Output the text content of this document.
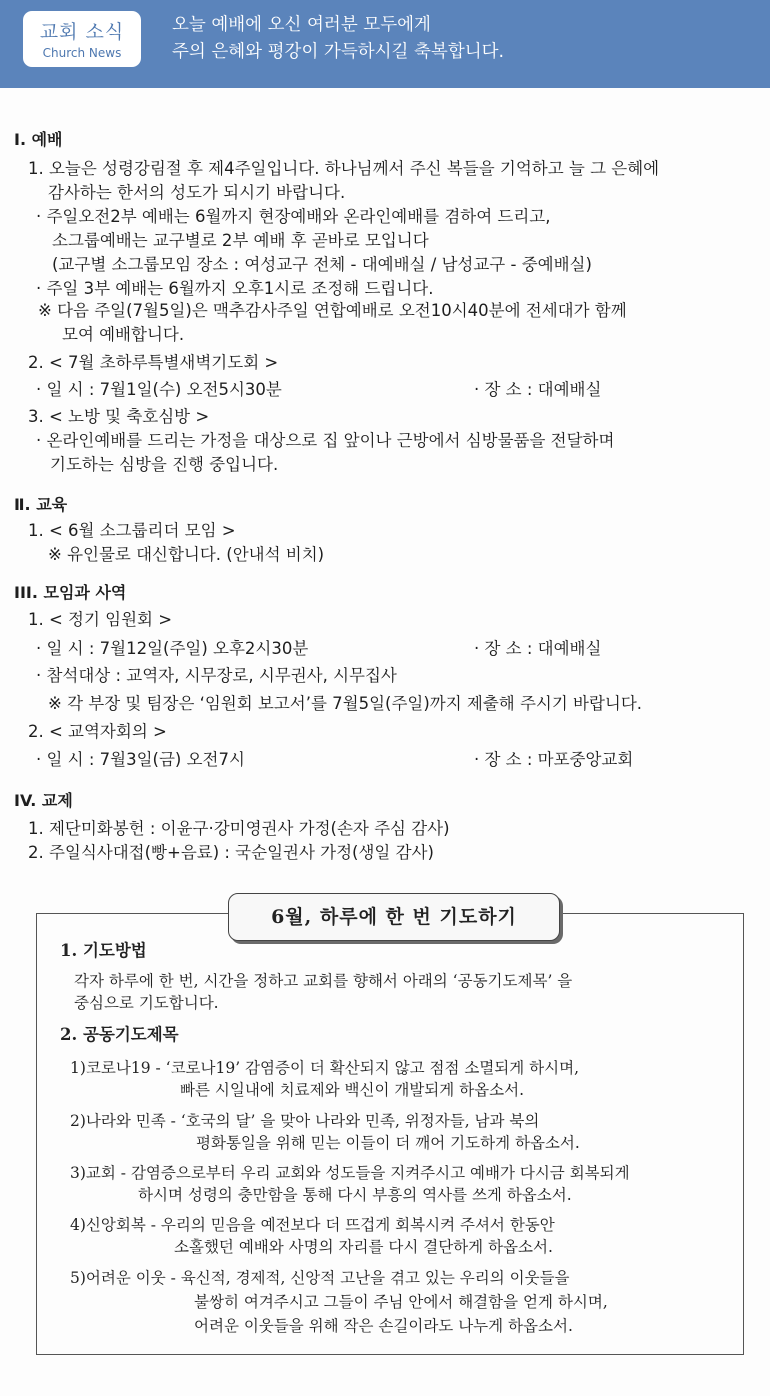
교회 소식
Church News
오늘 예배에 오신 여러분 모두에게
주의 은혜와 평강이 가득하시길 축복합니다.
Ⅰ. 예배
1. 오늘은 성령강림절 후 제4주일입니다. 하나님께서 주신 복들을 기억하고 늘 그 은혜에
감사하는 한서의 성도가 되시기 바랍니다.
· 주일오전2부 예배는 6월까지 현장예배와 온라인예배를 겸하여 드리고,
소그룹예배는 교구별로 2부 예배 후 곧바로 모입니다
(교구별 소그룹모임 장소 : 여성교구 전체 - 대예배실 / 남성교구 - 중예배실)
· 주일 3부 예배는 6월까지 오후1시로 조정해 드립니다.
※ 다음 주일(7월5일)은 맥추감사주일 연합예배로 오전10시40분에 전세대가 함께
모여 예배합니다.
2. < 7월 초하루특별새벽기도회 >
· 일 시 : 7월1일(수) 오전5시30분	· 장 소 : 대예배실
3. < 노방 및 축호심방 >
· 온라인예배를 드리는 가정을 대상으로 집 앞이나 근방에서 심방물품을 전달하며
기도하는 심방을 진행 중입니다.
Ⅱ. 교육
1. < 6월 소그룹리더 모임 >
※ 유인물로 대신합니다. (안내석 비치)
III. 모임과 사역
1. < 정기 임원회 >
· 일 시 : 7월12일(주일) 오후2시30분	· 장 소 : 대예배실
· 참석대상 : 교역자, 시무장로, 시무권사, 시무집사
※ 각 부장 및 팀장은 ‘임원회 보고서’를 7월5일(주일)까지 제출해 주시기 바랍니다.
2. < 교역자회의 >
· 일 시 : 7월3일(금) 오전7시	· 장 소 : 마포중앙교회
IV. 교제
1. 제단미화봉헌 : 이윤구·강미영권사 가정(손자 주심 감사)
2. 주일식사대접(빵+음료) : 국순일권사 가정(생일 감사)
6월, 하루에 한 번 기도하기
1. 기도방법
각자 하루에 한 번, 시간을 정하고 교회를 향해서 아래의 ‘공동기도제목’ 을
중심으로 기도합니다.
2. 공동기도제목
1)코로나19 - ‘코로나19’ 감염증이 더 확산되지 않고 점점 소멸되게 하시며,
빠른 시일내에 치료제와 백신이 개발되게 하옵소서.
2)나라와 민족 - ‘호국의 달’ 을 맞아 나라와 민족, 위정자들, 남과 북의
평화통일을 위해 믿는 이들이 더 깨어 기도하게 하옵소서.
3)교회 - 감염증으로부터 우리 교회와 성도들을 지켜주시고 예배가 다시금 회복되게
하시며 성령의 충만함을 통해 다시 부흥의 역사를 쓰게 하옵소서.
4)신앙회복 - 우리의 믿음을 예전보다 더 뜨겁게 회복시켜 주셔서 한동안
소홀했던 예배와 사명의 자리를 다시 결단하게 하옵소서.
5)어려운 이웃 - 육신적, 경제적, 신앙적 고난을 겪고 있는 우리의 이웃들을
불쌍히 여겨주시고 그들이 주님 안에서 해결함을 얻게 하시며,
어려운 이웃들을 위해 작은 손길이라도 나누게 하옵소서.
